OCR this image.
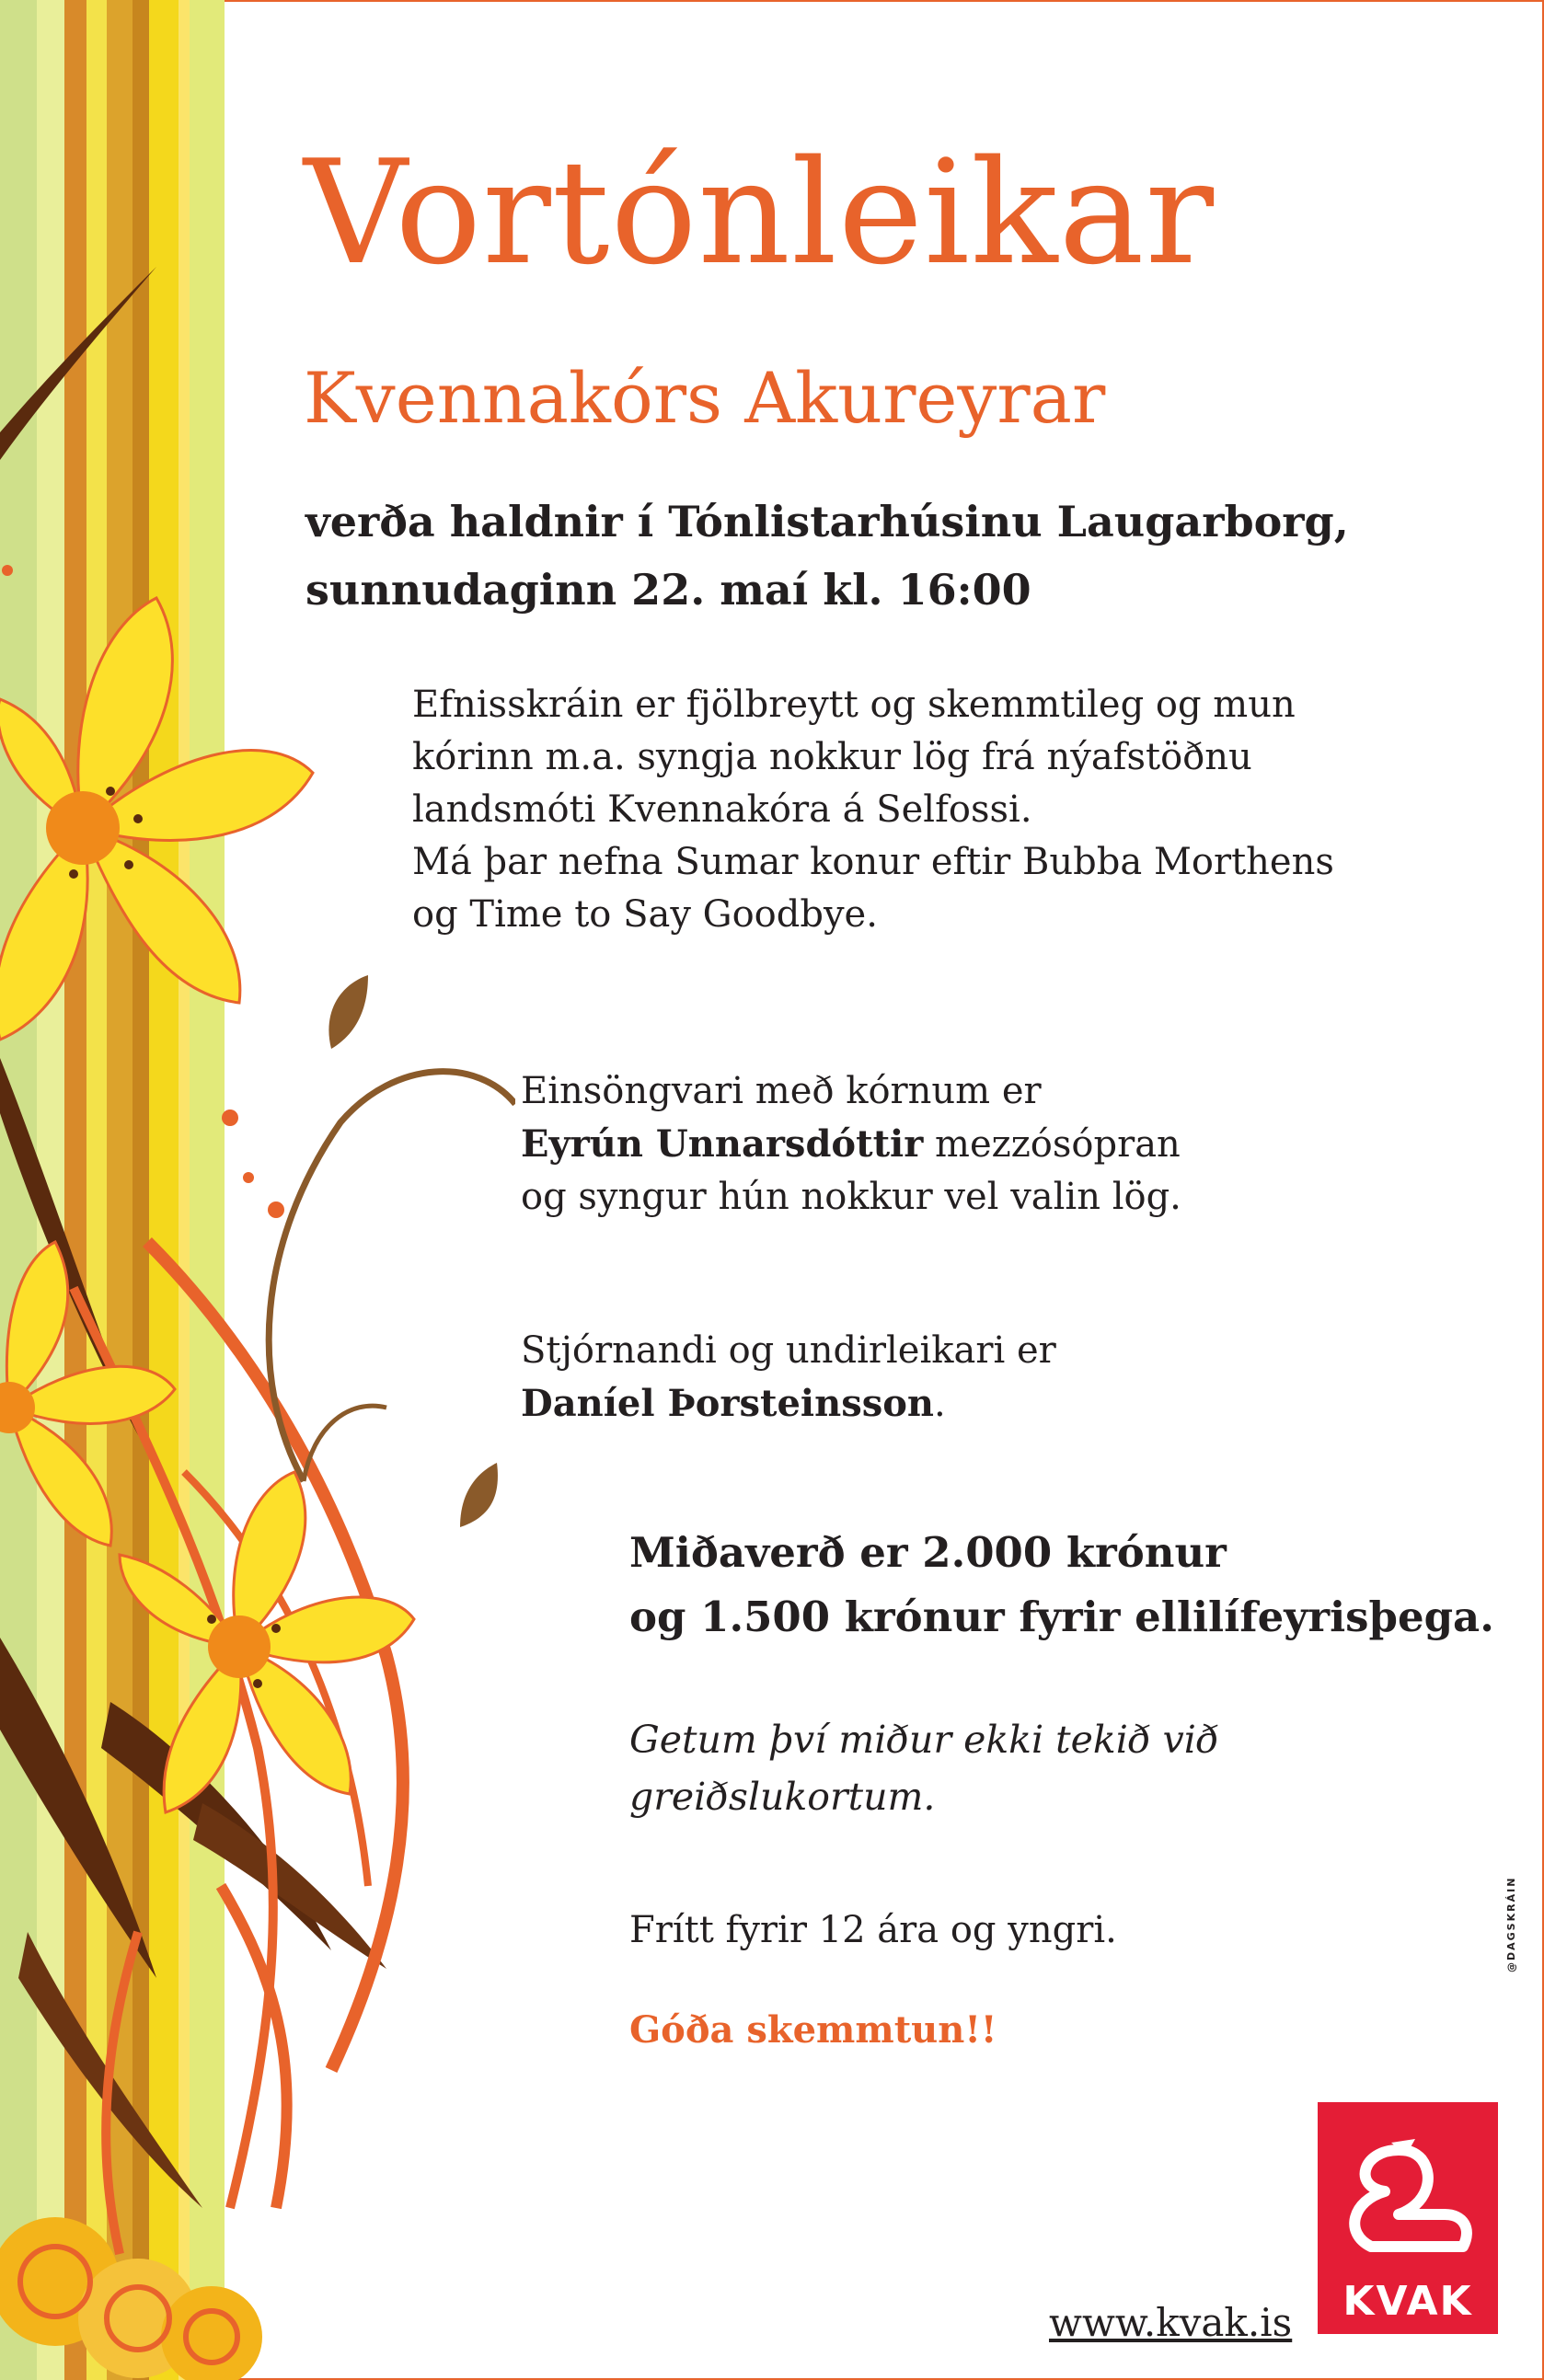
Vortónleikar
Kvennakórs Akureyrar
verða haldnir í Tónlistarhúsinu Laugarborg,
sunnudaginn 22. maí kl. 16:00
Efnisskráin er fjölbreytt og skemmtileg og mun
kórinn m.a. syngja nokkur lög frá nýafstöðnu
landsmóti Kvennakóra á Selfossi.
Má þar nefna Sumar konur eftir Bubba Morthens
og Time to Say Goodbye.
Einsöngvari með kórnum er
Eyrún Unnarsdóttir mezzósópran
og syngur hún nokkur vel valin lög.
Stjórnandi og undirleikari er
Daníel Þorsteinsson.
Miðaverð er 2.000 krónur
og 1.500 krónur fyrir ellilífeyrisþega.
Getum því miður ekki tekið við
greiðslukortum.
Frítt fyrir 12 ára og yngri.
Góða skemmtun!!
@DAGSKRÁIN
www.kvak.is	KVAK
